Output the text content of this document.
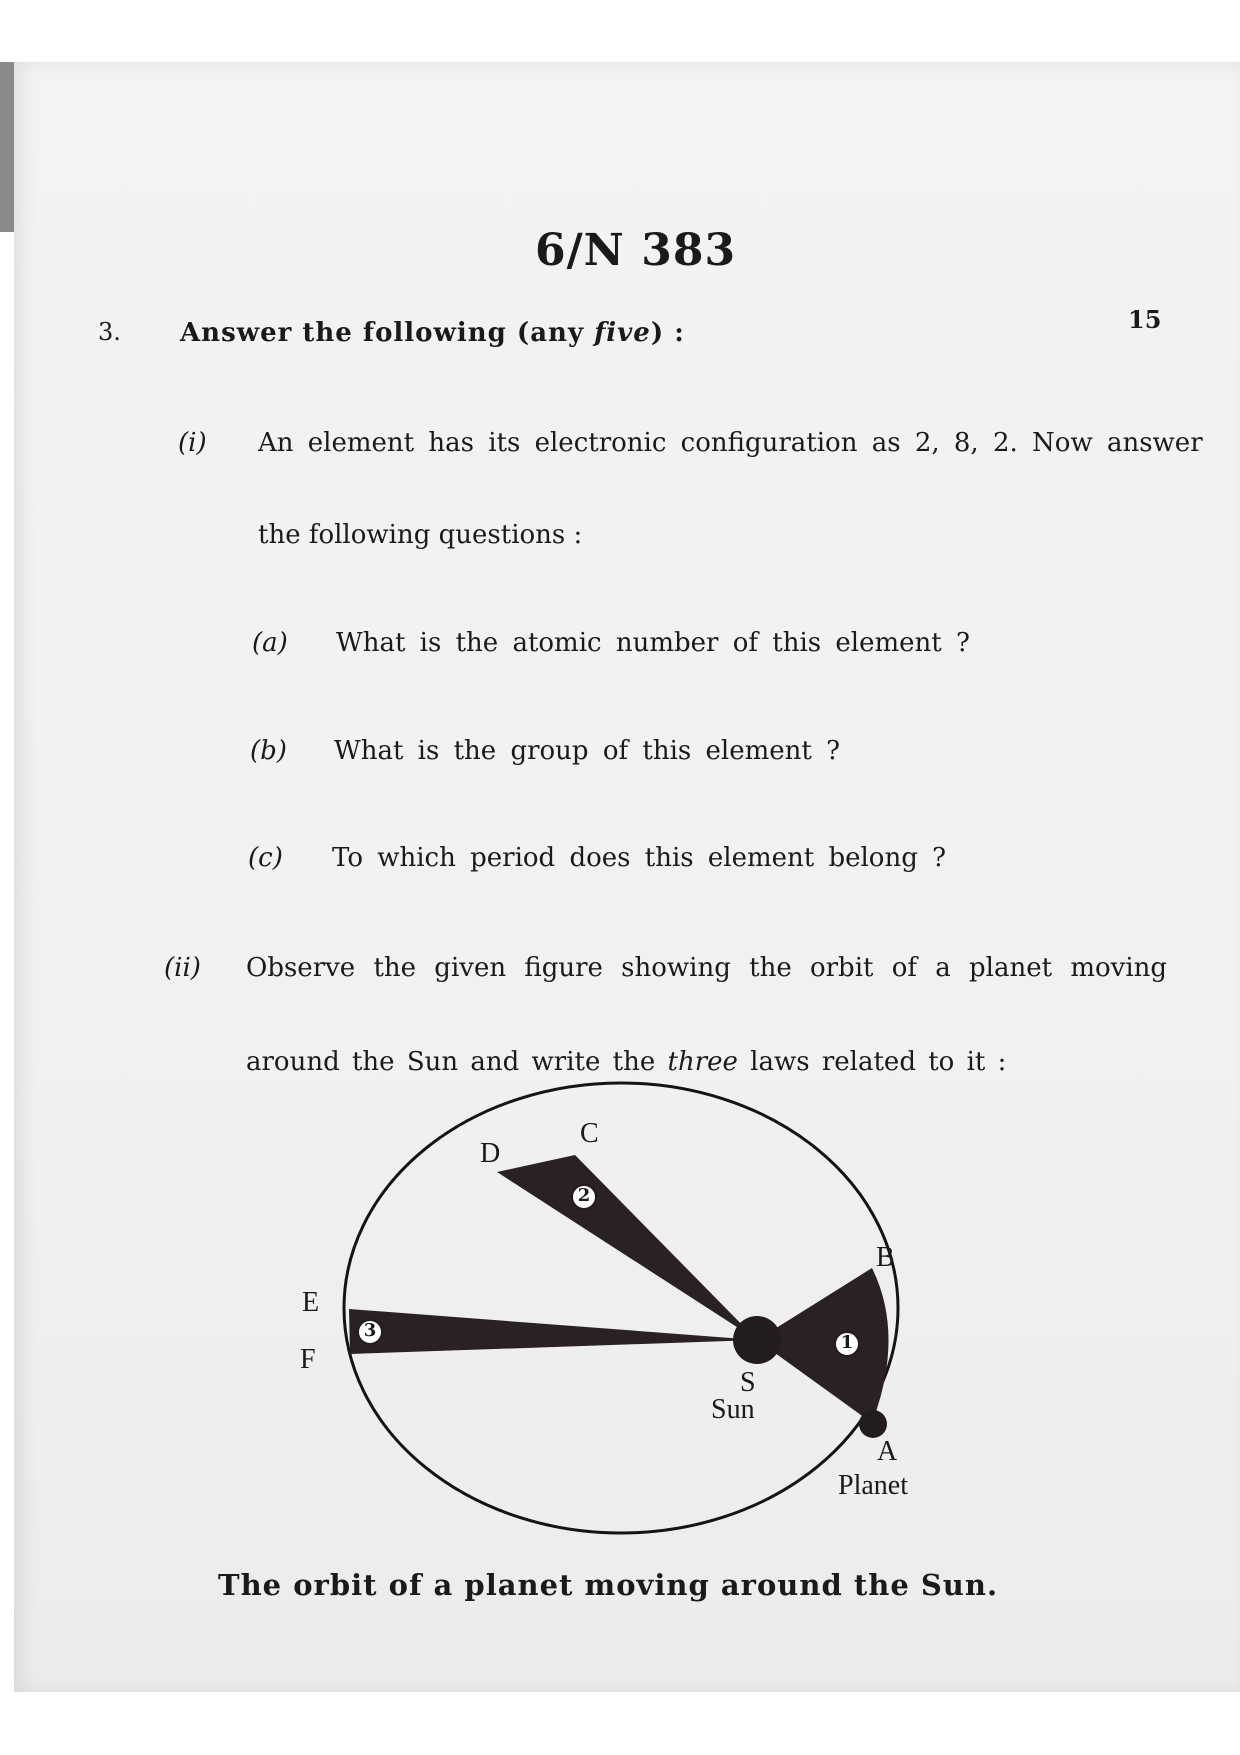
6/N 383
3. Answer the following (any five) :	15
(i) An element has its electronic configuration as 2, 8, 2. Now answer
the following questions :
(a) What is the atomic number of this element ?
(b) What is the group of this element ?
(c) To which period does this element belong ?
(ii) Observe the given figure showing the orbit of a planet moving
around the Sun and write the three laws related to it :
2
3
1
C
D
B
E
F
S
Sun
A
Planet
The orbit of a planet moving around the Sun.
